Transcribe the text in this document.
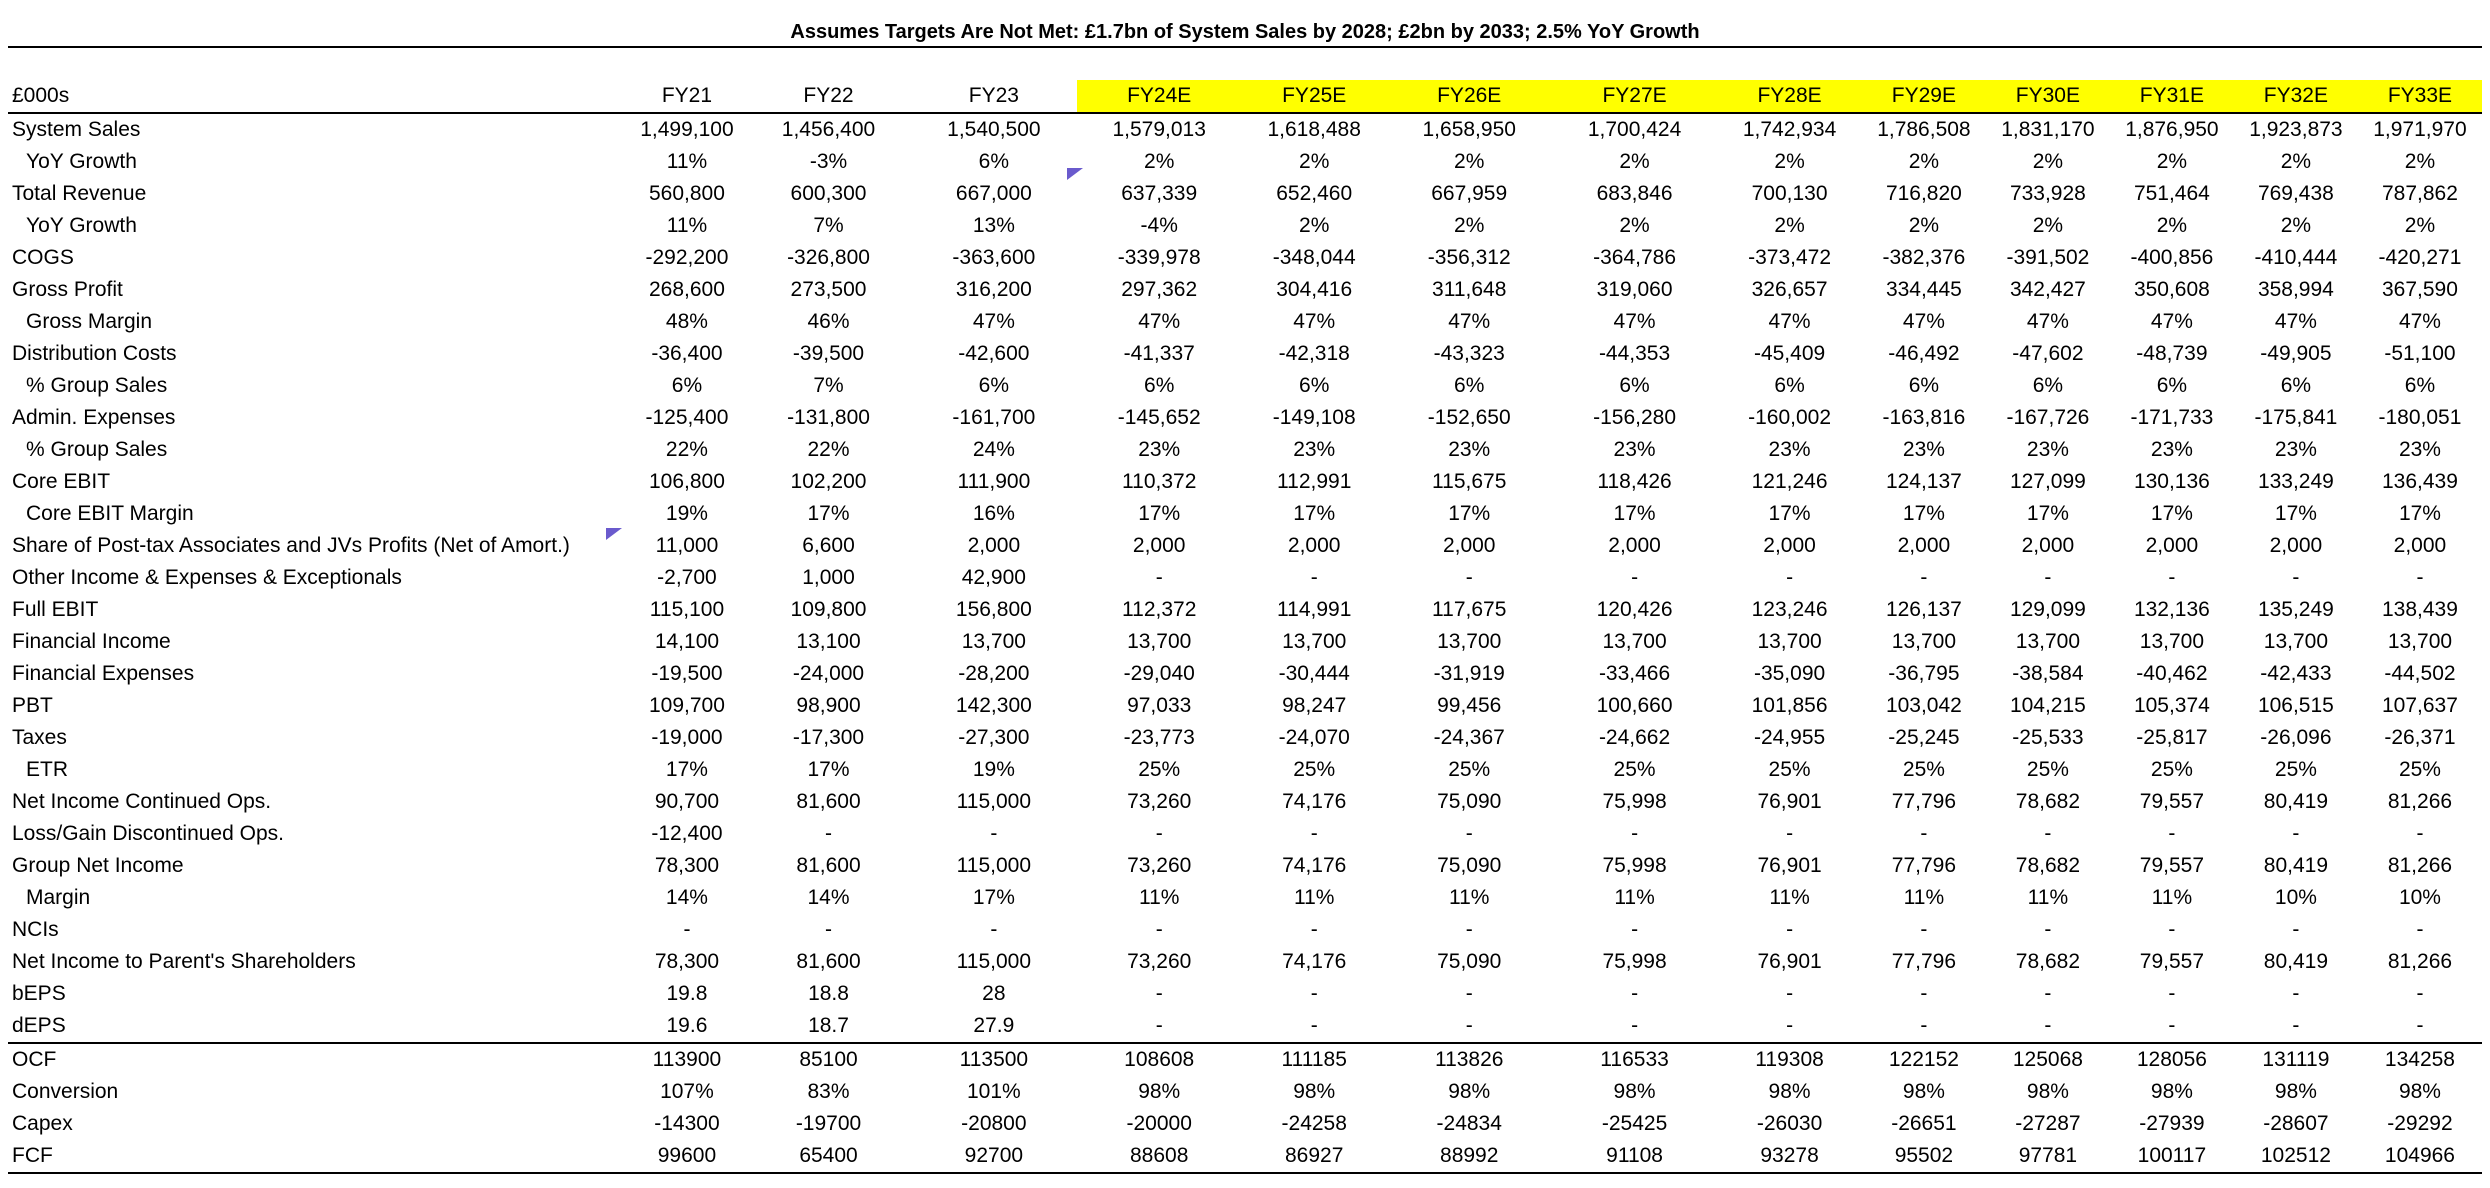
Assumes Targets Are Not Met: £1.7bn of System Sales by 2028; £2bn by 2033; 2.5% YoY Growth
£000s	FY21	FY22	FY23	FY24E	FY25E	FY26E	FY27E	FY28E	FY29E	FY30E	FY31E	FY32E	FY33E
System Sales	1,499,100	1,456,400	1,540,500	1,579,013	1,618,488	1,658,950	1,700,424	1,742,934	1,786,508	1,831,170	1,876,950	1,923,873	1,971,970
YoY Growth	11%	-3%	6%	2%	2%	2%	2%	2%	2%	2%	2%	2%	2%
Total Revenue	560,800	600,300	667,000	637,339	652,460	667,959	683,846	700,130	716,820	733,928	751,464	769,438	787,862
YoY Growth	11%	7%	13%	-4%	2%	2%	2%	2%	2%	2%	2%	2%	2%
COGS	-292,200	-326,800	-363,600	-339,978	-348,044	-356,312	-364,786	-373,472	-382,376	-391,502	-400,856	-410,444	-420,271
Gross Profit	268,600	273,500	316,200	297,362	304,416	311,648	319,060	326,657	334,445	342,427	350,608	358,994	367,590
Gross Margin	48%	46%	47%	47%	47%	47%	47%	47%	47%	47%	47%	47%	47%
Distribution Costs	-36,400	-39,500	-42,600	-41,337	-42,318	-43,323	-44,353	-45,409	-46,492	-47,602	-48,739	-49,905	-51,100
% Group Sales	6%	7%	6%	6%	6%	6%	6%	6%	6%	6%	6%	6%	6%
Admin. Expenses	-125,400	-131,800	-161,700	-145,652	-149,108	-152,650	-156,280	-160,002	-163,816	-167,726	-171,733	-175,841	-180,051
% Group Sales	22%	22%	24%	23%	23%	23%	23%	23%	23%	23%	23%	23%	23%
Core EBIT	106,800	102,200	111,900	110,372	112,991	115,675	118,426	121,246	124,137	127,099	130,136	133,249	136,439
Core EBIT Margin	19%	17%	16%	17%	17%	17%	17%	17%	17%	17%	17%	17%	17%
Share of Post-tax Associates and JVs Profits (Net of Amort.)	11,000	6,600	2,000	2,000	2,000	2,000	2,000	2,000	2,000	2,000	2,000	2,000	2,000
Other Income & Expenses & Exceptionals	-2,700	1,000	42,900	-	-	-	-	-	-	-	-	-	-
Full EBIT	115,100	109,800	156,800	112,372	114,991	117,675	120,426	123,246	126,137	129,099	132,136	135,249	138,439
Financial Income	14,100	13,100	13,700	13,700	13,700	13,700	13,700	13,700	13,700	13,700	13,700	13,700	13,700
Financial Expenses	-19,500	-24,000	-28,200	-29,040	-30,444	-31,919	-33,466	-35,090	-36,795	-38,584	-40,462	-42,433	-44,502
PBT	109,700	98,900	142,300	97,033	98,247	99,456	100,660	101,856	103,042	104,215	105,374	106,515	107,637
Taxes	-19,000	-17,300	-27,300	-23,773	-24,070	-24,367	-24,662	-24,955	-25,245	-25,533	-25,817	-26,096	-26,371
ETR	17%	17%	19%	25%	25%	25%	25%	25%	25%	25%	25%	25%	25%
Net Income Continued Ops.	90,700	81,600	115,000	73,260	74,176	75,090	75,998	76,901	77,796	78,682	79,557	80,419	81,266
Loss/Gain Discontinued Ops.	-12,400	-	-	-	-	-	-	-	-	-	-	-	-
Group Net Income	78,300	81,600	115,000	73,260	74,176	75,090	75,998	76,901	77,796	78,682	79,557	80,419	81,266
Margin	14%	14%	17%	11%	11%	11%	11%	11%	11%	11%	11%	10%	10%
NCIs	-	-	-	-	-	-	-	-	-	-	-	-	-
Net Income to Parent's Shareholders	78,300	81,600	115,000	73,260	74,176	75,090	75,998	76,901	77,796	78,682	79,557	80,419	81,266
bEPS	19.8	18.8	28	-	-	-	-	-	-	-	-	-	-
dEPS	19.6	18.7	27.9	-	-	-	-	-	-	-	-	-	-
OCF	113900	85100	113500	108608	111185	113826	116533	119308	122152	125068	128056	131119	134258
Conversion	107%	83%	101%	98%	98%	98%	98%	98%	98%	98%	98%	98%	98%
Capex	-14300	-19700	-20800	-20000	-24258	-24834	-25425	-26030	-26651	-27287	-27939	-28607	-29292
FCF	99600	65400	92700	88608	86927	88992	91108	93278	95502	97781	100117	102512	104966
